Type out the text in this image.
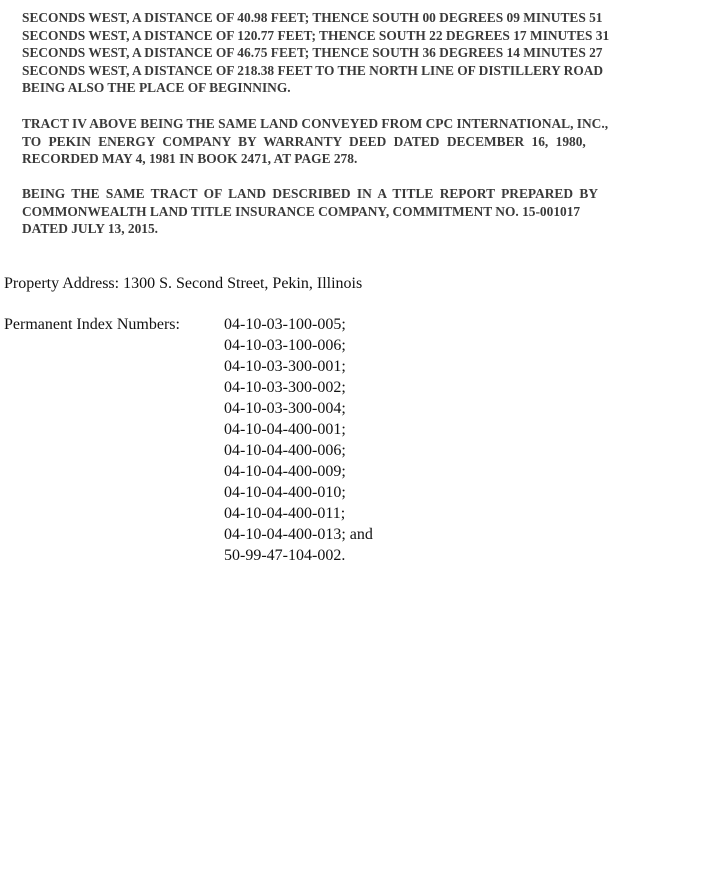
SECONDS WEST, A DISTANCE OF 40.98 FEET; THENCE SOUTH 00 DEGREES 09 MINUTES 51

SECONDS WEST, A DISTANCE OF 120.77 FEET; THENCE SOUTH 22 DEGREES 17 MINUTES 31

SECONDS WEST, A DISTANCE OF 46.75 FEET; THENCE SOUTH 36 DEGREES 14 MINUTES 27

SECONDS WEST, A DISTANCE OF 218.38 FEET TO THE NORTH LINE OF DISTILLERY ROAD

BEING ALSO THE PLACE OF BEGINNING.

TRACT IV ABOVE BEING THE SAME LAND CONVEYED FROM CPC INTERNATIONAL, INC.,

TO PEKIN ENERGY COMPANY BY WARRANTY DEED DATED DECEMBER 16, 1980,

RECORDED MAY 4, 1981 IN BOOK 2471, AT PAGE 278.

BEING THE SAME TRACT OF LAND DESCRIBED IN A TITLE REPORT PREPARED BY

COMMONWEALTH LAND TITLE INSURANCE COMPANY, COMMITMENT NO. 15-001017

DATED JULY 13, 2015.

Property Address: 1300 S. Second Street, Pekin, Illinois
Permanent Index Numbers:	04-10-03-100-005;
04-10-03-100-006;
04-10-03-300-001;
04-10-03-300-002;
04-10-03-300-004;
04-10-04-400-001;
04-10-04-400-006;
04-10-04-400-009;
04-10-04-400-010;
04-10-04-400-011;
04-10-04-400-013; and
50-99-47-104-002.
